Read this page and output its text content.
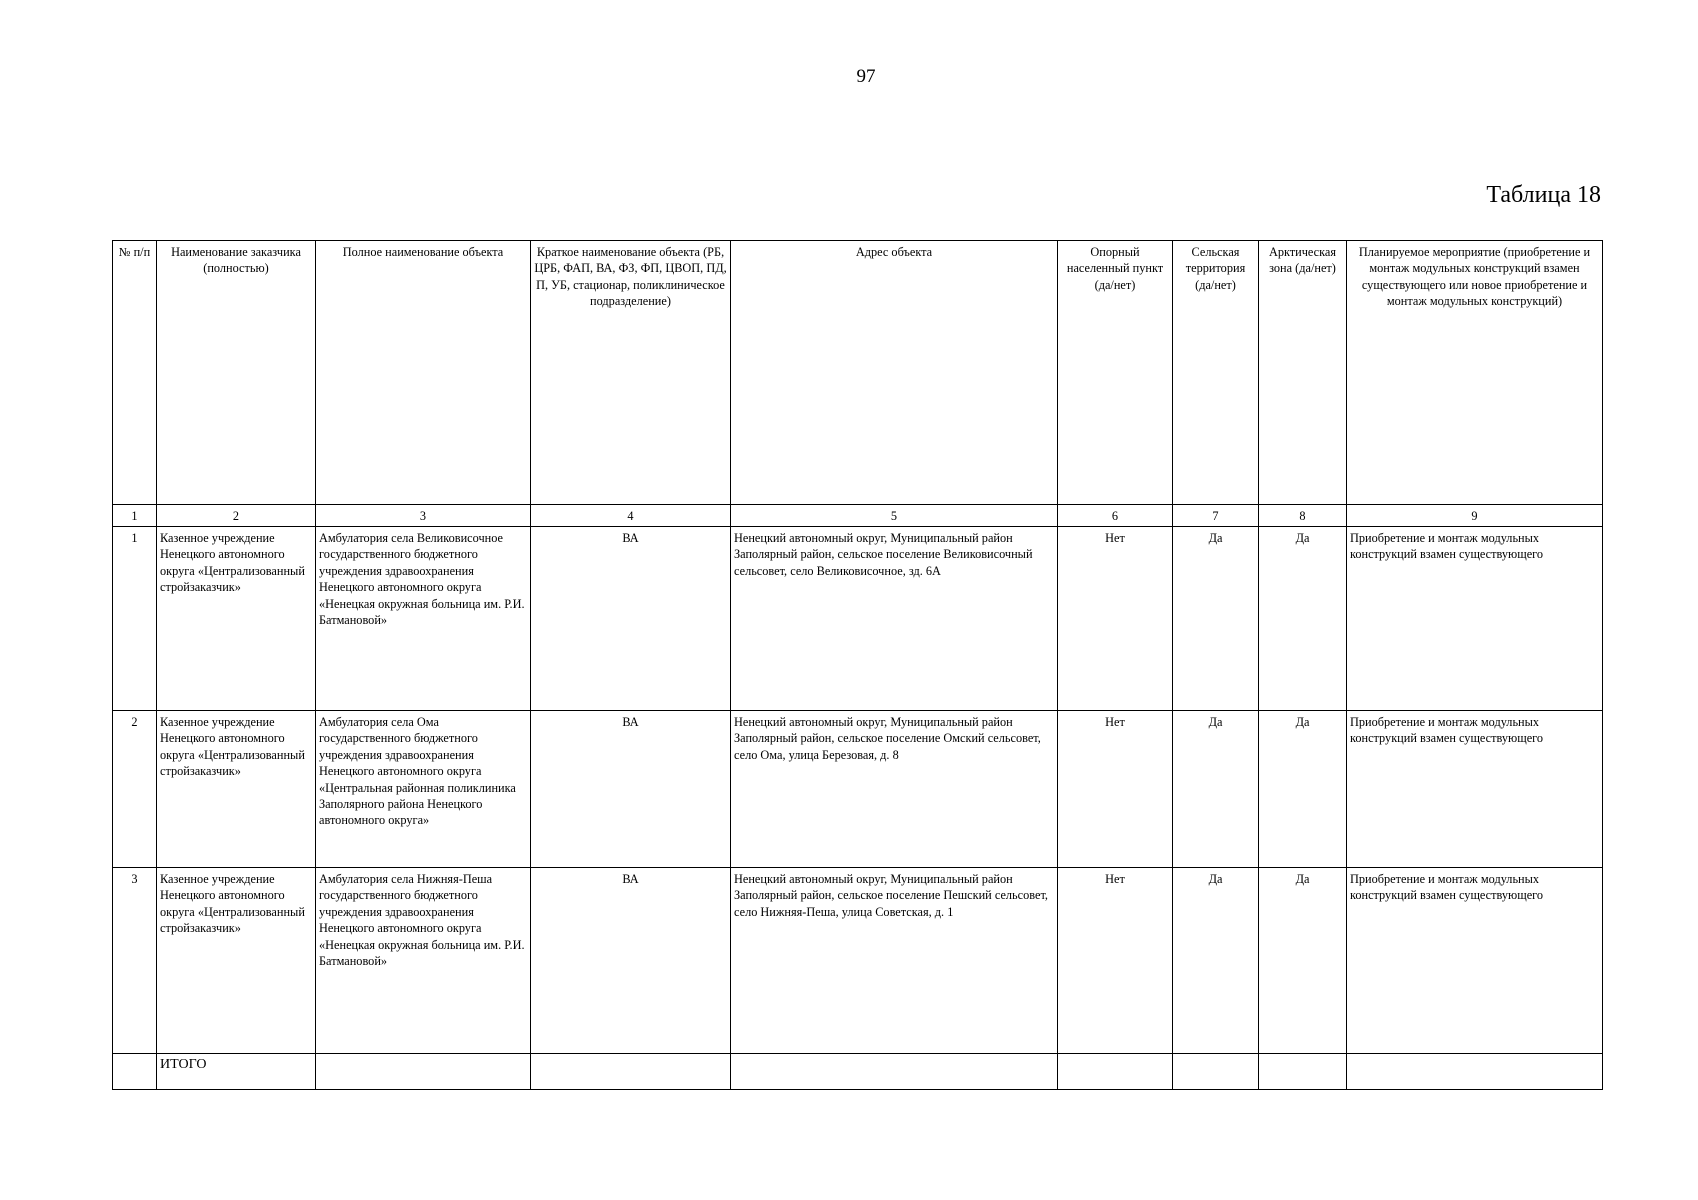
97
Таблица 18
№ п/п	Наименование заказчика (полностью)	Полное наименование объекта	Краткое наименование объекта (РБ, ЦРБ, ФАП, ВА, ФЗ, ФП, ЦВОП, ПД, П, УБ, стационар, поликлиническое подразделение)	Адрес объекта	Опорный населенный пункт (да/нет)	Сельская территория (да/нет)	Арктическая зона (да/нет)	Планируемое мероприятие (приобретение и монтаж модульных конструкций взамен существующего или новое приобретение и монтаж модульных конструкций)
1	2	3	4	5	6	7	8	9
1	Казенное учреждение Ненецкого автономного округа «Централизованный стройзаказчик»	Амбулатория села Великовисочное государственного бюджетного учреждения здравоохранения Ненецкого автономного округа «Ненецкая окружная больница им. Р.И. Батмановой»	ВА	Ненецкий автономный округ, Муниципальный район Заполярный район, сельское поселение Великовисочный сельсовет, село Великовисочное, зд. 6А	Нет	Да	Да	Приобретение и монтаж модульных конструкций взамен существующего
2	Казенное учреждение Ненецкого автономного округа «Централизованный стройзаказчик»	Амбулатория села Ома государственного бюджетного учреждения здравоохранения Ненецкого автономного округа «Центральная районная поликлиника Заполярного района Ненецкого автономного округа»	ВА	Ненецкий автономный округ, Муниципальный район Заполярный район, сельское поселение Омский сельсовет, село Ома, улица Березовая, д. 8	Нет	Да	Да	Приобретение и монтаж модульных конструкций взамен существующего
3	Казенное учреждение Ненецкого автономного округа «Централизованный стройзаказчик»	Амбулатория села Нижняя-Пеша государственного бюджетного учреждения здравоохранения Ненецкого автономного округа «Ненецкая окружная больница им. Р.И. Батмановой»	ВА	Ненецкий автономный округ, Муниципальный район Заполярный район, сельское поселение Пешский сельсовет, село Нижняя-Пеша, улица Советская, д. 1	Нет	Да	Да	Приобретение и монтаж модульных конструкций взамен существующего
	ИТОГО							
